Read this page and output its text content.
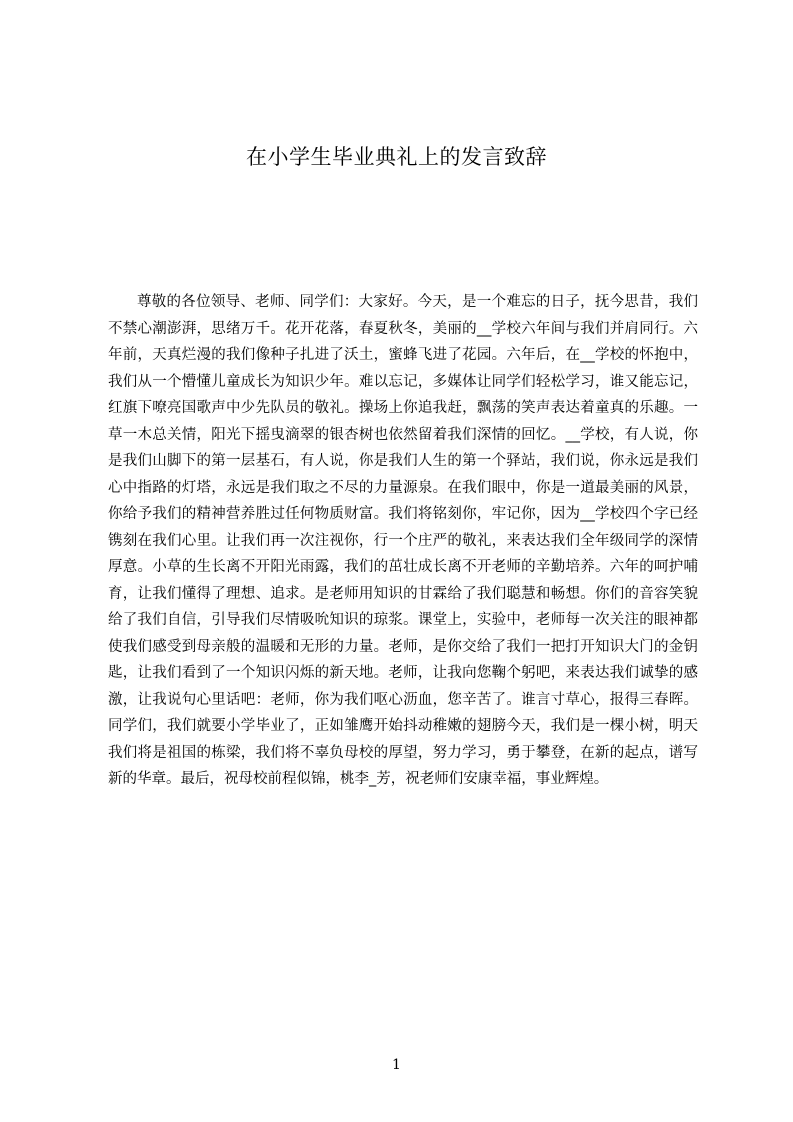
在小学生毕业典礼上的发言致辞

尊敬的各位领导、老师、同学们：大家好。今天，是一个难忘的日子，抚今思昔，我们不禁心潮澎湃，思绪万千。花开花落，春夏秋冬，美丽的__学校六年间与我们并肩同行。六年前，天真烂漫的我们像种子扎进了沃土，蜜蜂飞进了花园。六年后，在__学校的怀抱中，我们从一个懵懂儿童成长为知识少年。难以忘记，多媒体让同学们轻松学习，谁又能忘记，红旗下嘹亮国歌声中少先队员的敬礼。操场上你追我赶，飘荡的笑声表达着童真的乐趣。一草一木总关情，阳光下摇曳滴翠的银杏树也依然留着我们深情的回忆。__学校，有人说，你是我们山脚下的第一层基石，有人说，你是我们人生的第一个驿站，我们说，你永远是我们心中指路的灯塔，永远是我们取之不尽的力量源泉。在我们眼中，你是一道最美丽的风景，你给予我们的精神营养胜过任何物质财富。我们将铭刻你，牢记你，因为__学校四个字已经镌刻在我们心里。让我们再一次注视你，行一个庄严的敬礼，来表达我们全年级同学的深情厚意。小草的生长离不开阳光雨露，我们的茁壮成长离不开老师的辛勤培养。六年的呵护哺育，让我们懂得了理想、追求。是老师用知识的甘霖给了我们聪慧和畅想。你们的音容笑貌给了我们自信，引导我们尽情吸吮知识的琼浆。课堂上，实验中，老师每一次关注的眼神都使我们感受到母亲般的温暖和无形的力量。老师，是你交给了我们一把打开知识大门的金钥匙，让我们看到了一个知识闪烁的新天地。老师，让我向您鞠个躬吧，来表达我们诚挚的感激，让我说句心里话吧：老师，你为我们呕心沥血，您辛苦了。谁言寸草心，报得三春晖。同学们，我们就要小学毕业了，正如雏鹰开始抖动稚嫩的翅膀今天，我们是一棵小树，明天我们将是祖国的栋梁，我们将不辜负母校的厚望，努力学习，勇于攀登，在新的起点，谱写新的华章。最后，祝母校前程似锦，桃李_芳，祝老师们安康幸福，事业辉煌。

1
